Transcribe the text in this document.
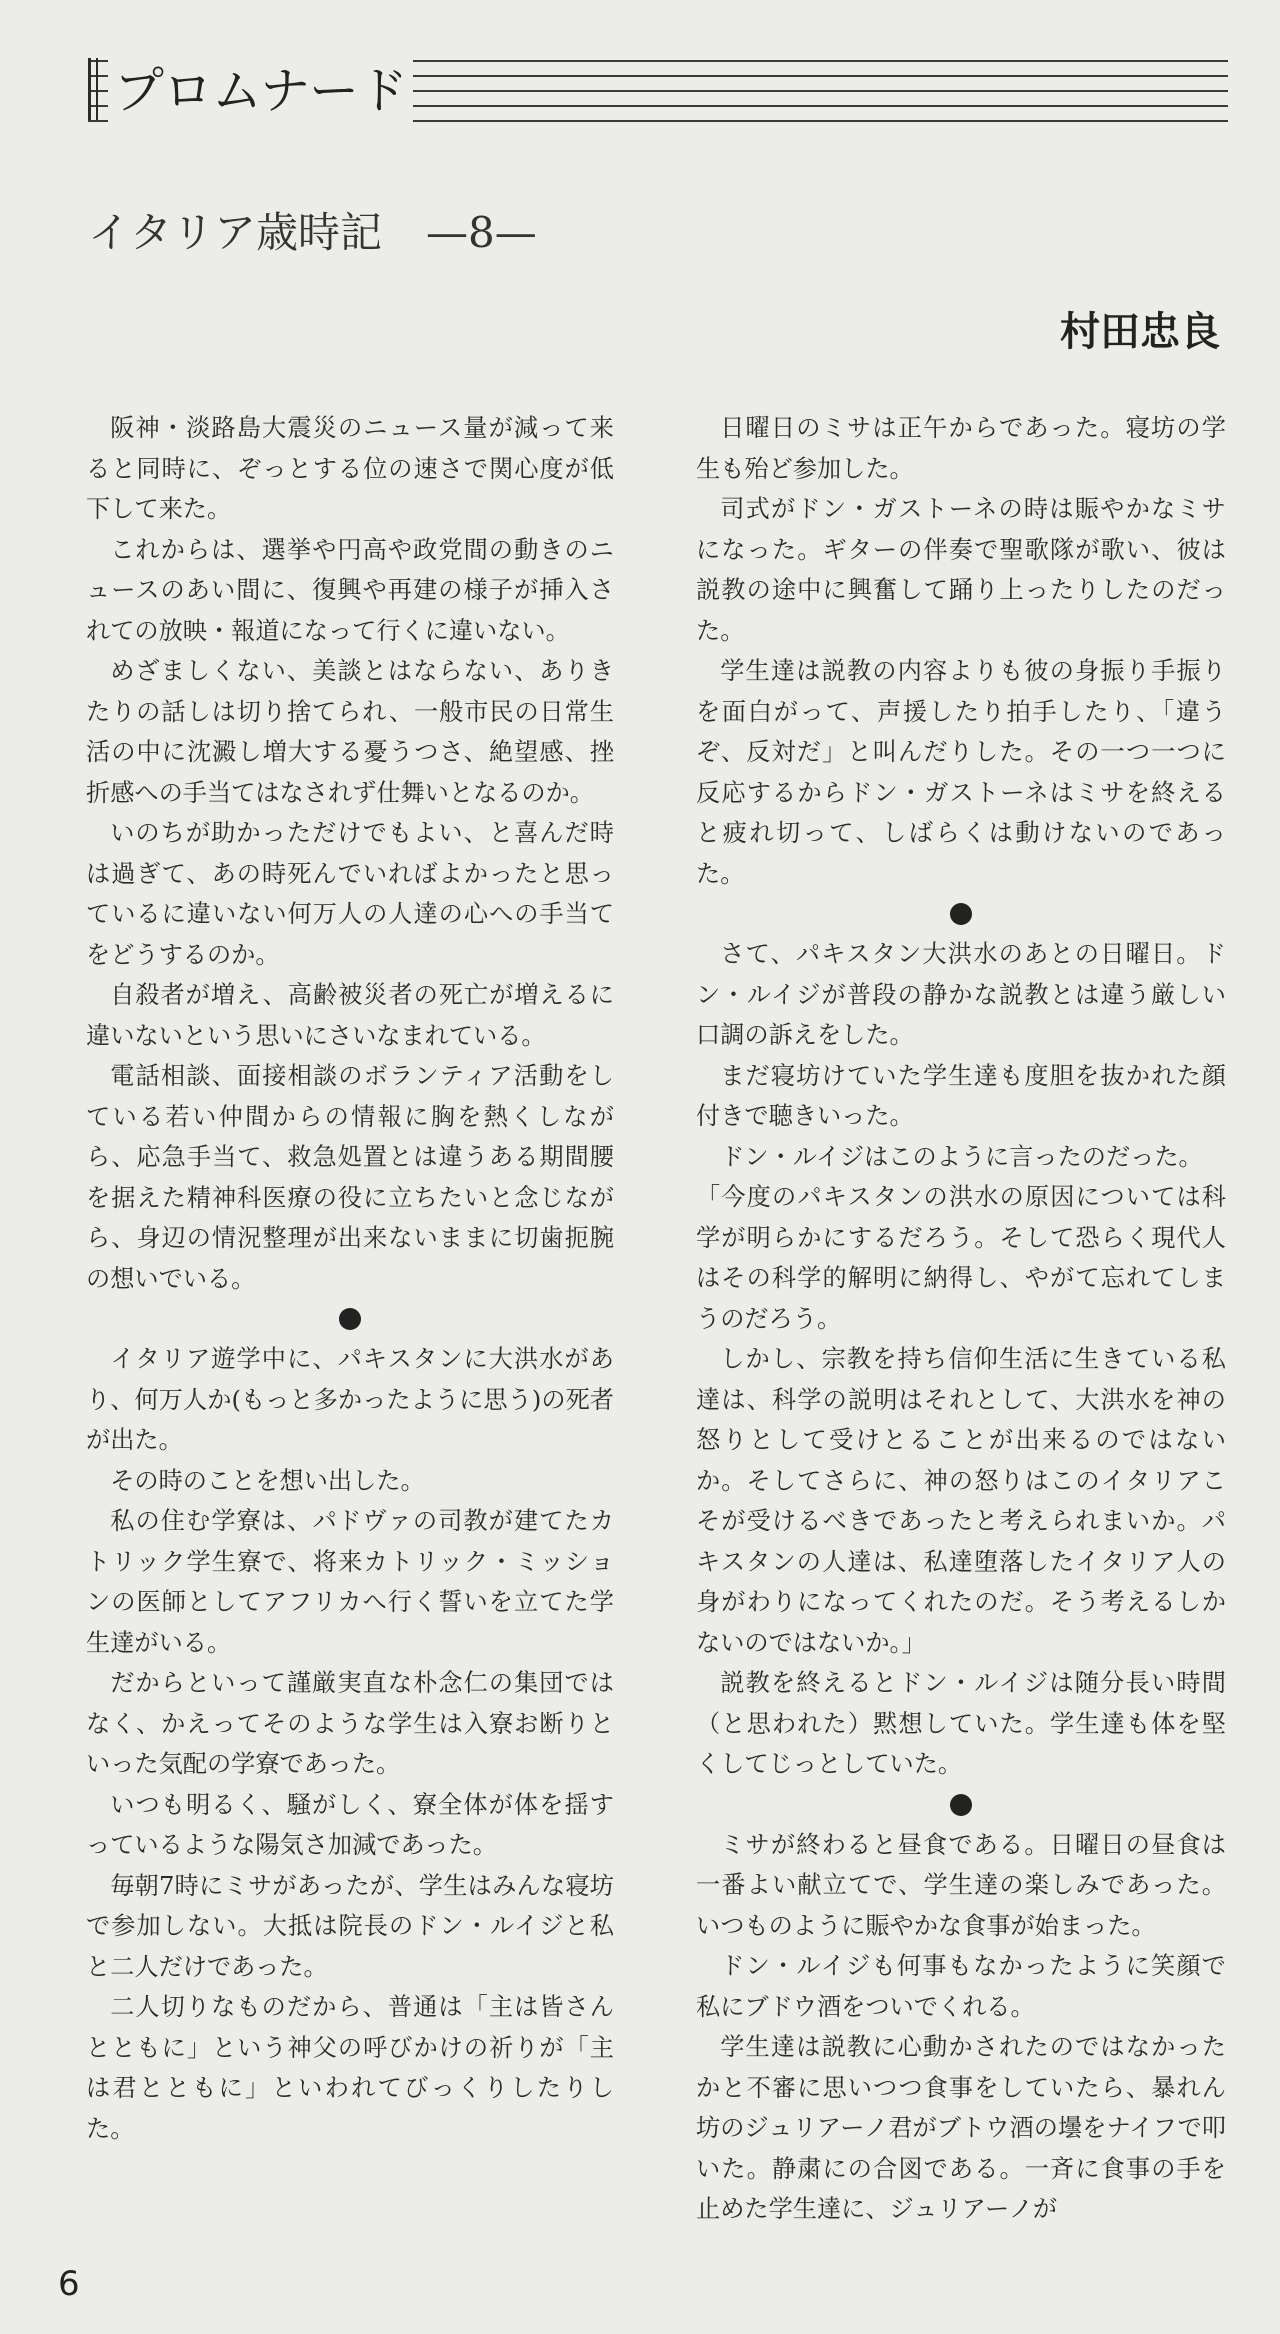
プロムナード
イタリア歳時記 —8—
村田忠良

阪神・淡路島大震災のニュース量が減って来ると同時に、ぞっとする位の速さで関心度が低下して来た。

これからは、選挙や円高や政党間の動きのニュースのあい間に、復興や再建の様子が挿入されての放映・報道になって行くに違いない。

めざましくない、美談とはならない、ありきたりの話しは切り捨てられ、一般市民の日常生活の中に沈澱し増大する憂うつさ、絶望感、挫折感への手当てはなされず仕舞いとなるのか。

いのちが助かっただけでもよい、と喜んだ時は過ぎて、あの時死んでいればよかったと思っているに違いない何万人の人達の心への手当てをどうするのか。

自殺者が増え、高齢被災者の死亡が増えるに違いないという思いにさいなまれている。

電話相談、面接相談のボランティア活動をしている若い仲間からの情報に胸を熱くしながら、応急手当て、救急処置とは違うある期間腰を据えた精神科医療の役に立ちたいと念じながら、身辺の情況整理が出来ないままに切歯扼腕の想いでいる。

イタリア遊学中に、パキスタンに大洪水があり、何万人か(もっと多かったように思う)の死者が出た。

その時のことを想い出した。

私の住む学寮は、パドヴァの司教が建てたカトリック学生寮で、将来カトリック・ミッションの医師としてアフリカへ行く誓いを立てた学生達がいる。

だからといって謹厳実直な朴念仁の集団ではなく、かえってそのような学生は入寮お断りといった気配の学寮であった。

いつも明るく、騒がしく、寮全体が体を揺すっているような陽気さ加減であった。

毎朝7時にミサがあったが、学生はみんな寝坊で参加しない。大抵は院長のドン・ルイジと私と二人だけであった。

二人切りなものだから、普通は「主は皆さんとともに」という神父の呼びかけの祈りが「主は君とともに」といわれてびっくりしたりした。

日曜日のミサは正午からであった。寝坊の学生も殆ど参加した。

司式がドン・ガストーネの時は賑やかなミサになった。ギターの伴奏で聖歌隊が歌い、彼は説教の途中に興奮して踊り上ったりしたのだった。

学生達は説教の内容よりも彼の身振り手振りを面白がって、声援したり拍手したり、「違うぞ、反対だ」と叫んだりした。その一つ一つに反応するからドン・ガストーネはミサを終えると疲れ切って、しばらくは動けないのであった。

さて、パキスタン大洪水のあとの日曜日。ドン・ルイジが普段の静かな説教とは違う厳しい口調の訴えをした。

まだ寝坊けていた学生達も度胆を抜かれた顔付きで聴きいった。

ドン・ルイジはこのように言ったのだった。

「今度のパキスタンの洪水の原因については科学が明らかにするだろう。そして恐らく現代人はその科学的解明に納得し、やがて忘れてしまうのだろう。

しかし、宗教を持ち信仰生活に生きている私達は、科学の説明はそれとして、大洪水を神の怒りとして受けとることが出来るのではないか。そしてさらに、神の怒りはこのイタリアこそが受けるべきであったと考えられまいか。パキスタンの人達は、私達堕落したイタリア人の身がわりになってくれたのだ。そう考えるしかないのではないか。」

説教を終えるとドン・ルイジは随分長い時間（と思われた）黙想していた。学生達も体を堅くしてじっとしていた。

ミサが終わると昼食である。日曜日の昼食は一番よい献立てで、学生達の楽しみであった。いつものように賑やかな食事が始まった。

ドン・ルイジも何事もなかったように笑顔で私にブドウ酒をついでくれる。

学生達は説教に心動かされたのではなかったかと不審に思いつつ食事をしていたら、暴れん坊のジュリアーノ君がブトウ酒の壜をナイフで叩いた。静粛にの合図である。一斉に食事の手を止めた学生達に、ジュリアーノが

6
